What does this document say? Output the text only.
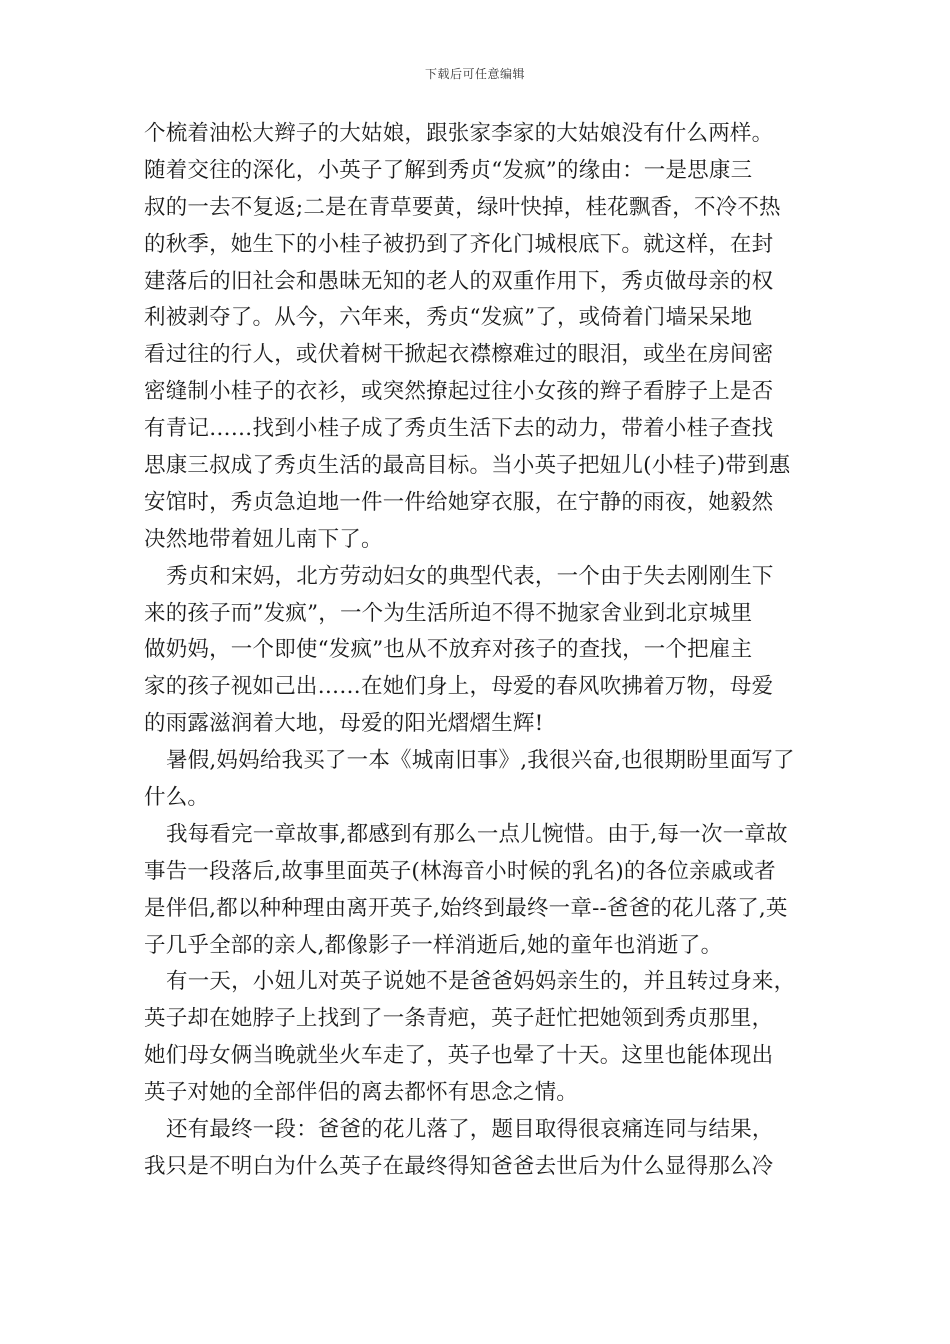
下载后可任意编辑
个梳着油松大辫子的大姑娘，跟张家李家的大姑娘没有什么两样。
随着交往的深化，小英子了解到秀贞“发疯”的缘由：一是思康三
叔的一去不复返;二是在青草要黄，绿叶快掉，桂花飘香，不冷不热
的秋季，她生下的小桂子被扔到了齐化门城根底下。就这样，在封
建落后的旧社会和愚昧无知的老人的双重作用下，秀贞做母亲的权
利被剥夺了。从今，六年来，秀贞“发疯”了，或倚着门墙呆呆地
看过往的行人，或伏着树干掀起衣襟檫难过的眼泪，或坐在房间密
密缝制小桂子的衣衫，或突然撩起过往小女孩的辫子看脖子上是否
有青记……找到小桂子成了秀贞生活下去的动力，带着小桂子查找
思康三叔成了秀贞生活的最高目标。当小英子把妞儿(小桂子)带到惠
安馆时，秀贞急迫地一件一件给她穿衣服，在宁静的雨夜，她毅然
决然地带着妞儿南下了。
秀贞和宋妈，北方劳动妇女的典型代表，一个由于失去刚刚生下
来的孩子而”发疯”，一个为生活所迫不得不抛家舍业到北京城里
做奶妈，一个即使“发疯”也从不放弃对孩子的查找，一个把雇主
家的孩子视如己出……在她们身上，母爱的春风吹拂着万物，母爱
的雨露滋润着大地，母爱的阳光熠熠生辉!
暑假,妈妈给我买了一本《城南旧事》,我很兴奋,也很期盼里面写了
什么。
我每看完一章故事,都感到有那么一点儿惋惜。由于,每一次一章故
事告一段落后,故事里面英子(林海音小时候的乳名)的各位亲戚或者
是伴侣,都以种种理由离开英子,始终到最终一章--爸爸的花儿落了,英
子几乎全部的亲人,都像影子一样消逝后,她的童年也消逝了。
有一天，小妞儿对英子说她不是爸爸妈妈亲生的，并且转过身来，
英子却在她脖子上找到了一条青疤，英子赶忙把她领到秀贞那里，
她们母女俩当晚就坐火车走了，英子也晕了十天。这里也能体现出
英子对她的全部伴侣的离去都怀有思念之情。
还有最终一段：爸爸的花儿落了，题目取得很哀痛连同与结果，
我只是不明白为什么英子在最终得知爸爸去世后为什么显得那么冷
